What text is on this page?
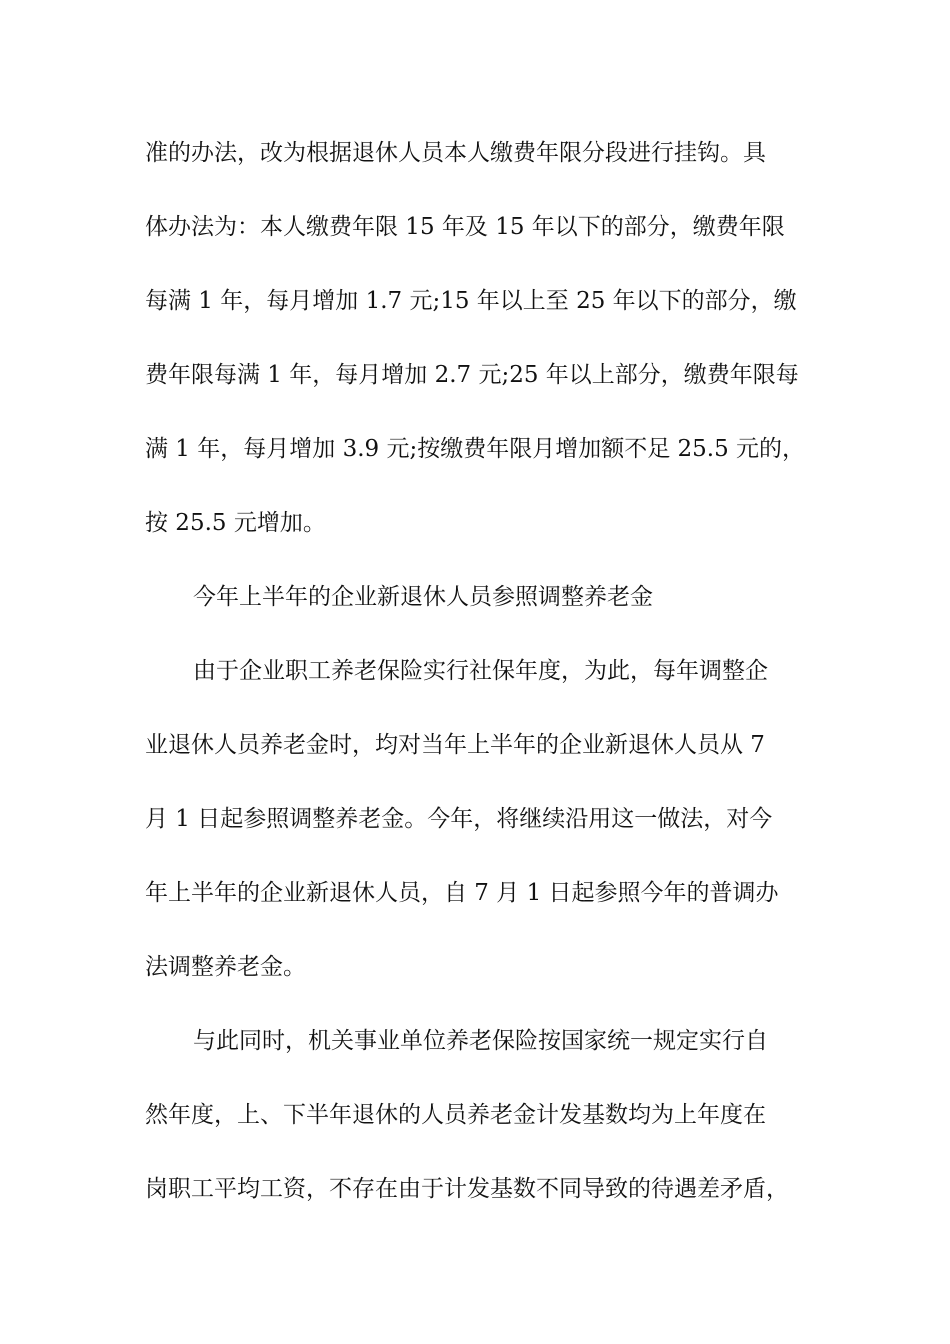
准的办法，改为根据退休人员本人缴费年限分段进行挂钩。具
体办法为：本人缴费年限 15 年及 15 年以下的部分，缴费年限
每满 1 年，每月增加 1.7 元;15 年以上至 25 年以下的部分，缴
费年限每满 1 年，每月增加 2.7 元;25 年以上部分，缴费年限每
满 1 年，每月增加 3.9 元;按缴费年限月增加额不足 25.5 元的，
按 25.5 元增加。
今年上半年的企业新退休人员参照调整养老金
由于企业职工养老保险实行社保年度，为此，每年调整企
业退休人员养老金时，均对当年上半年的企业新退休人员从 7
月 1 日起参照调整养老金。今年，将继续沿用这一做法，对今
年上半年的企业新退休人员，自 7 月 1 日起参照今年的普调办
法调整养老金。
与此同时，机关事业单位养老保险按国家统一规定实行自
然年度，上、下半年退休的人员养老金计发基数均为上年度在
岗职工平均工资，不存在由于计发基数不同导致的待遇差矛盾，
